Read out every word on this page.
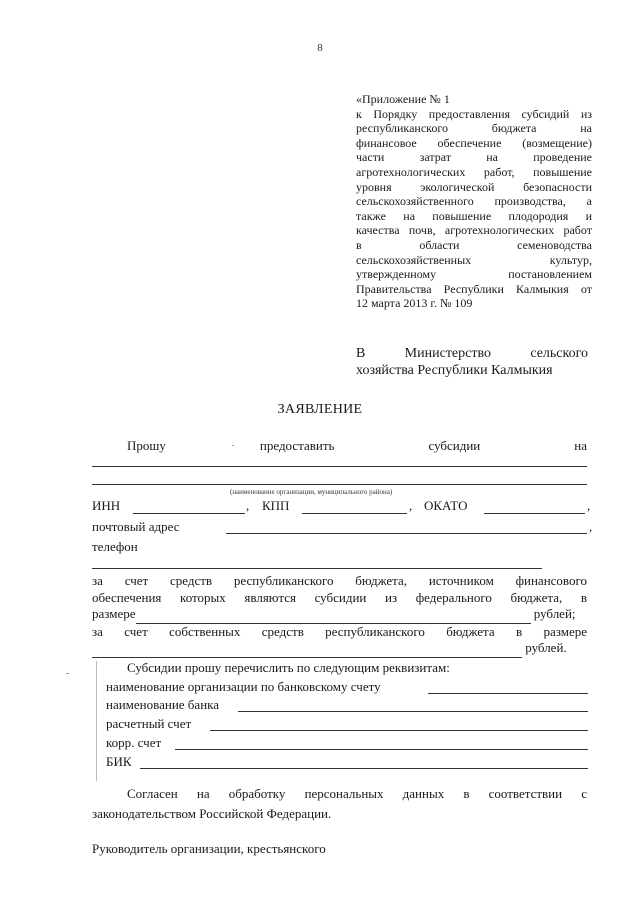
8
«Приложение № 1
к Порядку предоставления субсидий из
республиканского бюджета на
финансовое обеспечение (возмещение)
части затрат на проведение
агротехнологических работ, повышение
уровня экологической безопасности
сельскохозяйственного производства, а
также на повышение плодородия и
качества почв, агротехнологических работ
в области семеноводства
сельскохозяйственных культур,
утвержденному постановлением
Правительства Республики Калмыкия от
12 марта 2013 г. № 109
В Министерство сельского
хозяйства Республики Калмыкия
ЗАЯВЛЕНИЕ
Прошу	предоставить	субсидии	на
(наименование организации, муниципального района)
ИНН	, КПП	, ОКАТО	,
почтовый адрес	,
телефон
за счет средств республиканского бюджета, источником финансового
обеспечения которых являются субсидии из федерального бюджета, в
размере	рублей;
за счет собственных средств республиканского бюджета в размере
рублей.
Субсидии прошу перечислить по следующим реквизитам:
наименование организации по банковскому счету
наименование банка
расчетный счет
корр. счет
БИК
Согласен на обработку персональных данных в соответствии с
законодательством Российской Федерации.
Руководитель организации, крестьянского
